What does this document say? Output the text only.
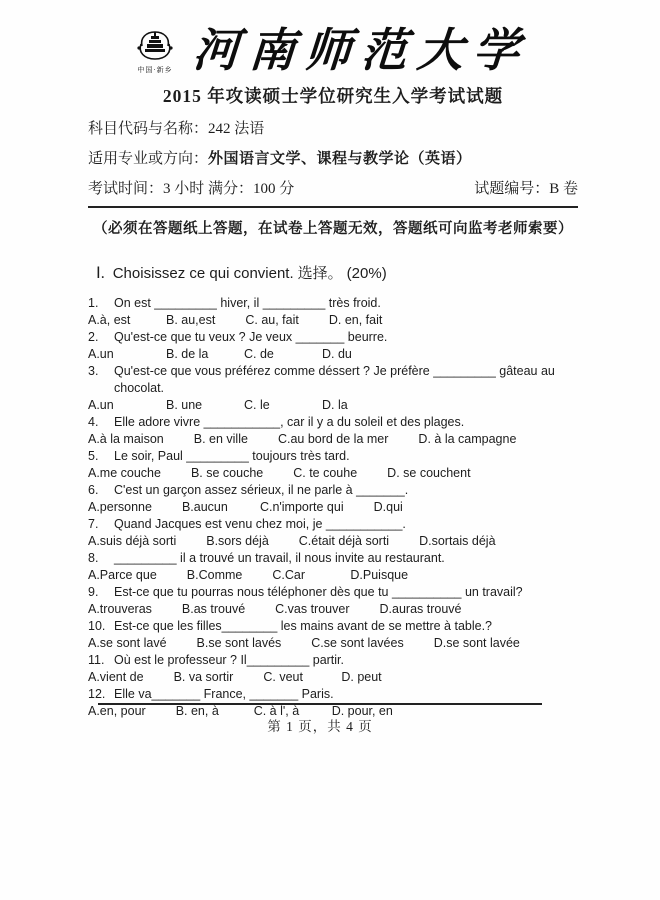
中国·新乡 河南师范大学
2015 年攻读硕士学位研究生入学考试试题
科目代码与名称：242 法语
适用专业或方向：外国语言文学、课程与教学论（英语）
考试时间：3 小时 满分：100 分	试题编号：B 卷
（必须在答题纸上答题，在试卷上答题无效，答题纸可向监考老师索要）
Ⅰ. Choisissez ce qui convient. 选择。 (20%)
1.	On est _________ hiver, il _________ très froid.
A.à, est	B. au,est C. au, fait D. en, fait
2.	Qu'est-ce que tu veux ? Je veux _______ beurre.
A.un	B. de la	C. de	D. du
3.	Qu'est-ce que vous préférez comme déssert ? Je préfère _________ gâteau au chocolat.
A.un	B. une	C. le	D. la
4.	Elle adore vivre ___________, car il y a du soleil et des plages.
A.à la maison B. en ville C.au bord de la mer D. à la campagne
5.	Le soir, Paul _________ toujours très tard.
A.me couche B. se couche C. te couhe D. se couchent
6.	C'est un garçon assez sérieux, il ne parle à _______.
A.personne B.aucun	C.n'importe qui D.qui
7.	Quand Jacques est venu chez moi, je ___________.
A.suis déjà sorti B.sors déjà C.était déjà sorti D.sortais déjà
8.	_________ il a trouvé un travail, il nous invite au restaurant.
A.Parce que B.Comme C.Car	D.Puisque
9.	Est-ce que tu pourras nous téléphoner dès que tu __________ un travail?
A.trouveras B.as trouvé C.vas trouver D.auras trouvé
10. Est-ce que les filles________ les mains avant de se mettre à table.?
A.se sont lavé B.se sont lavés C.se sont lavées D.se sont lavée
11. Où est le professeur ? Il_________ partir.
A.vient de B. va sortir C. veut	D. peut
12. Elle va_______ France, _______ Paris.
A.en, pour B. en, à	C. à l', à	D. pour, en
第 1 页，共 4 页
